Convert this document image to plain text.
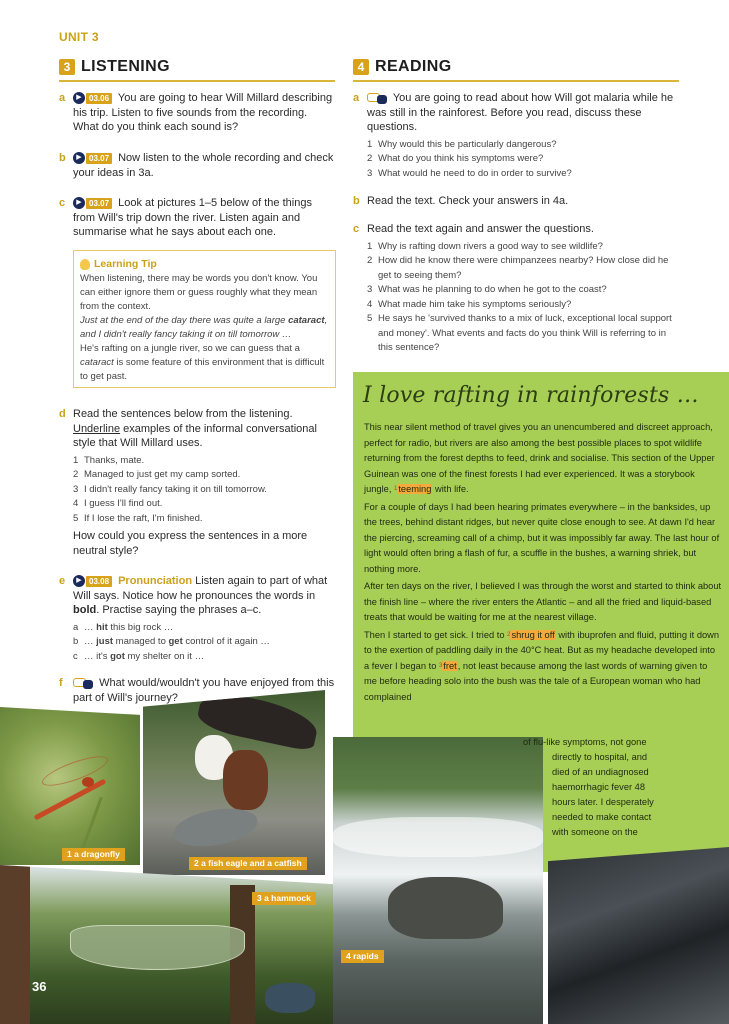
UNIT 3
3 LISTENING	4 READING
a	▶ 03.06 You are going to hear Will Millard describing his trip. Listen to five sounds from the recording. What do you think each sound is?
b	▶ 03.07 Now listen to the whole recording and check your ideas in 3a.
c	▶ 03.07 Look at pictures 1–5 below of the things from Will's trip down the river. Listen again and summarise what he says about each one.
Learning Tip
When listening, there may be words you don't know. You can either ignore them or guess roughly what they mean from the context.
Just at the end of the day there was quite a large cataract, and I didn't really fancy taking it on till tomorrow …
He's rafting on a jungle river, so we can guess that a cataract is some feature of this environment that is difficult to get past.
d Read the sentences below from the listening. Underline examples of the informal conversational style that Will Millard uses.
1 Thanks, mate.
2 Managed to just get my camp sorted.
3 I didn't really fancy taking it on till tomorrow.
4 I guess I'll find out.
5 If I lose the raft, I'm finished.
How could you express the sentences in a more neutral style?
e	▶ 03.08 Pronunciation Listen again to part of what Will says. Notice how he pronounces the words in bold. Practise saying the phrases a–c.
a … hit this big rock …
b … just managed to get control of it again …
c … it's got my shelter on it …
f	What would/wouldn't you have enjoyed from this part of Will's journey?
a	You are going to read about how Will got malaria while he was still in the rainforest. Before you read, discuss these questions.
1 Why would this be particularly dangerous?
2 What do you think his symptoms were?
3 What would he need to do in order to survive?
b Read the text. Check your answers in 4a.
c Read the text again and answer the questions.
1 Why is rafting down rivers a good way to see wildlife?
2 How did he know there were chimpanzees nearby? How close did he get to seeing them?
3 What was he planning to do when he got to the coast?
4 What made him take his symptoms seriously?
5 He says he 'survived thanks to a mix of luck, exceptional local support and money'. What events and facts do you think Will is referring to in this sentence?
4 rapids
I love rafting in rainforests …

This near silent method of travel gives you an unencumbered and discreet approach, perfect for radio, but rivers are also among the best possible places to spot wildlife returning from the forest depths to feed, drink and socialise. This section of the Upper Guinean was one of the finest forests I had ever experienced. It was a storybook jungle, $^1$teeming with life.

For a couple of days I had been hearing primates everywhere – in the banksides, up the trees, behind distant ridges, but never quite close enough to see. At dawn I'd hear the piercing, screaming call of a chimp, but it was impossibly far away. The last hour of light would often bring a flash of fur, a scuffle in the bushes, a warning shriek, but nothing more.

After ten days on the river, I believed I was through the worst and started to think about the finish line – where the river enters the Atlantic – and all the fried and liquid-based treats that would be waiting for me at the nearest village.

Then I started to get sick. I tried to $^2$shrug it off with ibuprofen and fluid, putting it down to the exertion of paddling daily in the 40°C heat. But as my headache developed into a fever I began to $^3$fret, not least because among the last words of warning given to me before heading solo into the bush was the tale of a European woman who had complained

of flu-like symptoms, not gone
directly to hospital, and
died of an undiagnosed
haemorrhagic fever 48
hours later. I desperately
needed to make contact
with someone on the
1 a dragonfly
2 a fish eagle and a catfish
3 a hammock
36
